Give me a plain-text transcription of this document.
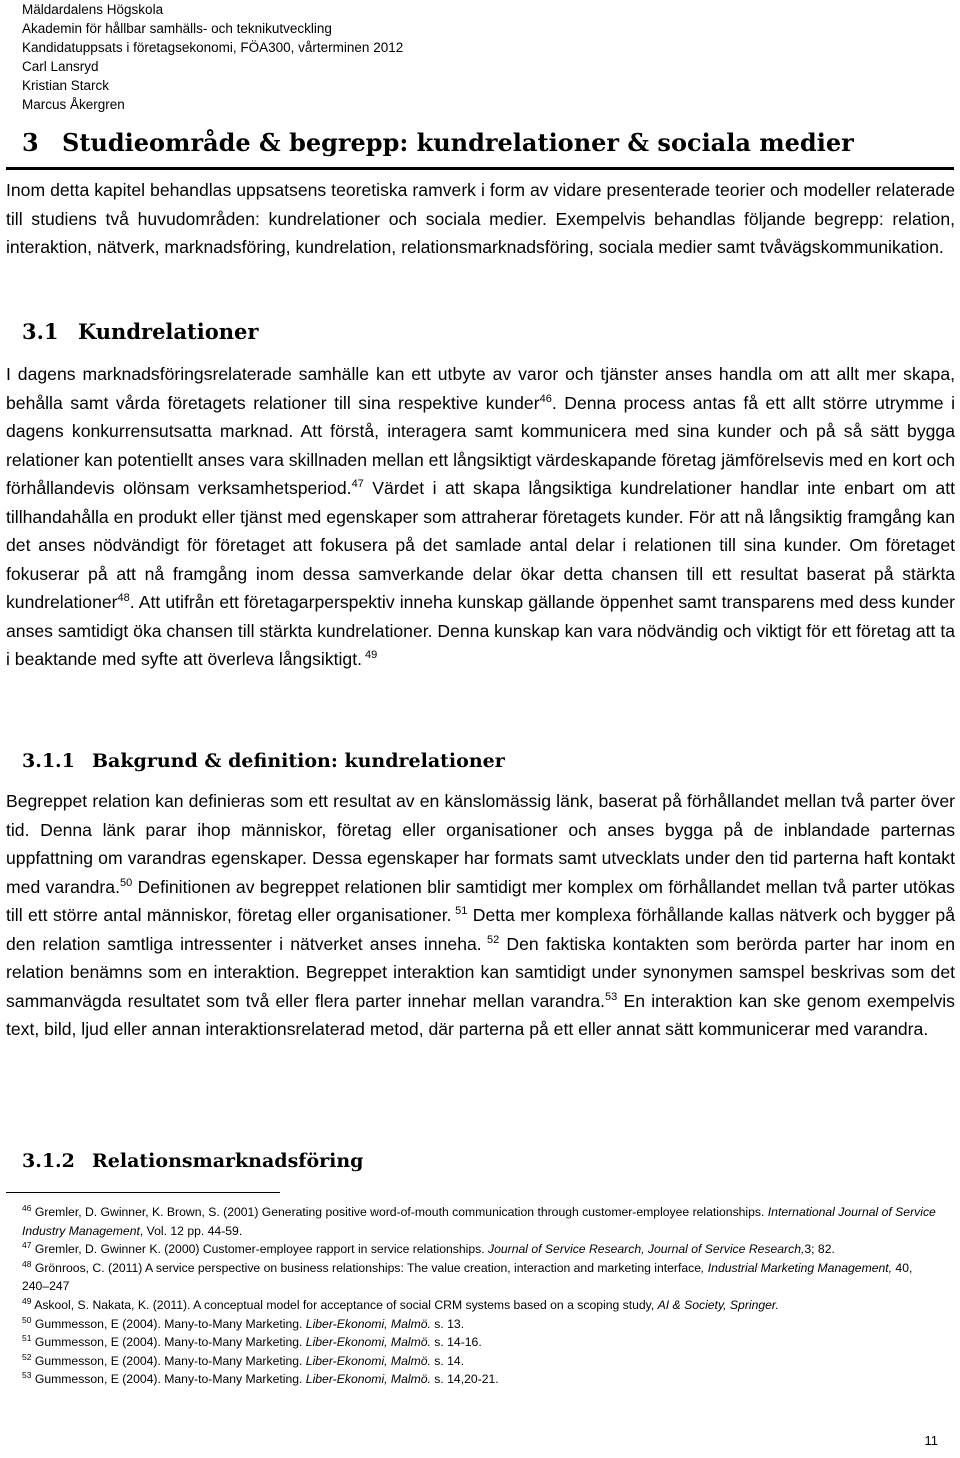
Mäldardalens Högskola
Akademin för hållbar samhälls- och teknikutveckling
Kandidatuppsats i företagsekonomi, FÖA300, vårterminen 2012
Carl Lansryd
Kristian Starck
Marcus Åkergren
3 Studieområde & begrepp: kundrelationer & sociala medier

Inom detta kapitel behandlas uppsatsens teoretiska ramverk i form av vidare presenterade teorier och modeller relaterade till studiens två huvudområden: kundrelationer och sociala medier. Exempelvis behandlas följande begrepp: relation, interaktion, nätverk, marknadsföring, kundrelation, relationsmarknadsföring, sociala medier samt tvåvägskommunikation.

3.1 Kundrelationer

I dagens marknadsföringsrelaterade samhälle kan ett utbyte av varor och tjänster anses handla om att allt mer skapa, behålla samt vårda företagets relationer till sina respektive kunder$^{46}$. Denna process antas få ett allt större utrymme i dagens konkurrensutsatta marknad. Att förstå, interagera samt kommunicera med sina kunder och på så sätt bygga relationer kan potentiellt anses vara skillnaden mellan ett långsiktigt värdeskapande företag jämförelsevis med en kort och förhållandevis olönsam verksamhetsperiod.$^{47}$ Värdet i att skapa långsiktiga kundrelationer handlar inte enbart om att tillhandahålla en produkt eller tjänst med egenskaper som attraherar företagets kunder. För att nå långsiktig framgång kan det anses nödvändigt för företaget att fokusera på det samlade antal delar i relationen till sina kunder. Om företaget fokuserar på att nå framgång inom dessa samverkande delar ökar detta chansen till ett resultat baserat på stärkta kundrelationer$^{48}$. Att utifrån ett företagarperspektiv inneha kunskap gällande öppenhet samt transparens med dess kunder anses samtidigt öka chansen till stärkta kundrelationer. Denna kunskap kan vara nödvändig och viktigt för ett företag att ta i beaktande med syfte att överleva långsiktigt. $^{49}$

3.1.1 Bakgrund & definition: kundrelationer

Begreppet relation kan definieras som ett resultat av en känslomässig länk, baserat på förhållandet mellan två parter över tid. Denna länk parar ihop människor, företag eller organisationer och anses bygga på de inblandade parternas uppfattning om varandras egenskaper. Dessa egenskaper har formats samt utvecklats under den tid parterna haft kontakt med varandra.$^{50}$ Definitionen av begreppet relationen blir samtidigt mer komplex om förhållandet mellan två parter utökas till ett större antal människor, företag eller organisationer. $^{51}$ Detta mer komplexa förhållande kallas nätverk och bygger på den relation samtliga intressenter i nätverket anses inneha. $^{52}$ Den faktiska kontakten som berörda parter har inom en relation benämns som en interaktion. Begreppet interaktion kan samtidigt under synonymen samspel beskrivas som det sammanvägda resultatet som två eller flera parter innehar mellan varandra.$^{53}$ En interaktion kan ske genom exempelvis text, bild, ljud eller annan interaktionsrelaterad metod, där parterna på ett eller annat sätt kommunicerar med varandra.

3.1.2 Relationsmarknadsföring
$^{46}$ Gremler, D. Gwinner, K. Brown, S. (2001) Generating positive word-of-mouth communication through customer-employee relationships. International Journal of Service Industry Management, Vol. 12 pp. 44-59.
$^{47}$ Gremler, D. Gwinner K. (2000) Customer-employee rapport in service relationships. Journal of Service Research, Journal of Service Research,3; 82.
$^{48}$ Grönroos, C. (2011) A service perspective on business relationships: The value creation, interaction and marketing interface, Industrial Marketing Management, 40, 240–247
$^{49}$ Askool, S. Nakata, K. (2011). A conceptual model for acceptance of social CRM systems based on a scoping study, AI & Society, Springer.
$^{50}$ Gummesson, E (2004). Many-to-Many Marketing. Liber-Ekonomi, Malmö. s. 13.
$^{51}$ Gummesson, E (2004). Many-to-Many Marketing. Liber-Ekonomi, Malmö. s. 14-16.
$^{52}$ Gummesson, E (2004). Many-to-Many Marketing. Liber-Ekonomi, Malmö. s. 14.
$^{53}$ Gummesson, E (2004). Many-to-Many Marketing. Liber-Ekonomi, Malmö. s. 14,20-21.
11
